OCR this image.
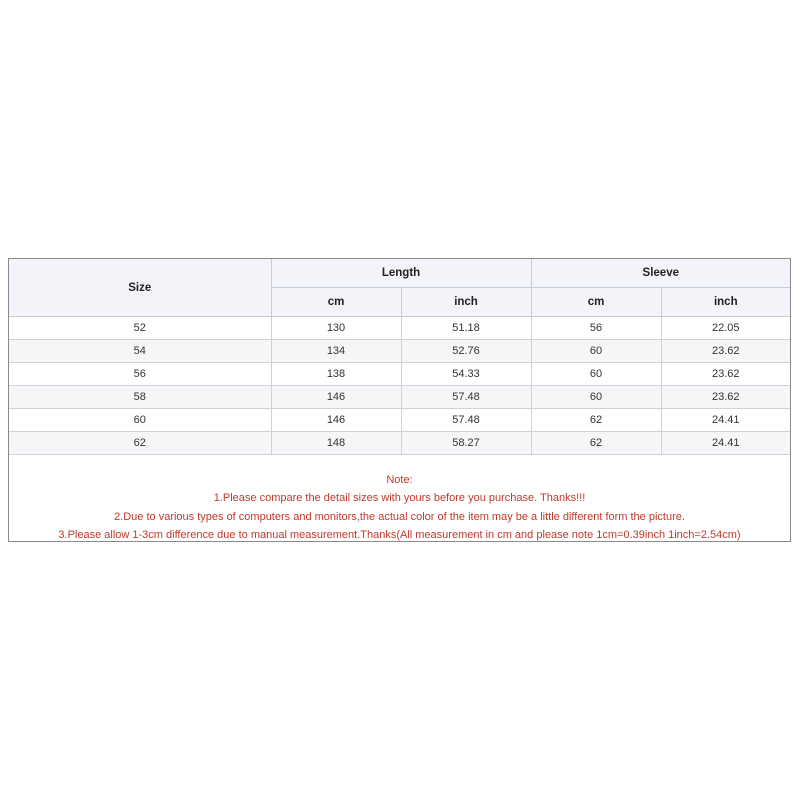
Size	Length		Sleeve	
	cm	inch	cm	inch
52	130	51.18	56	22.05
54	134	52.76	60	23.62
56	138	54.33	60	23.62
58	146	57.48	60	23.62
60	146	57.48	62	24.41
62	148	58.27	62	24.41
Note:
1.Please compare the detail sizes with yours before you purchase. Thanks!!!
2.Due to various types of computers and monitors,the actual color of the item may be a little different form the picture.
3.Please allow 1-3cm difference due to manual measurement.Thanks(All measurement in cm and please note 1cm=0.39inch 1inch=2.54cm)
